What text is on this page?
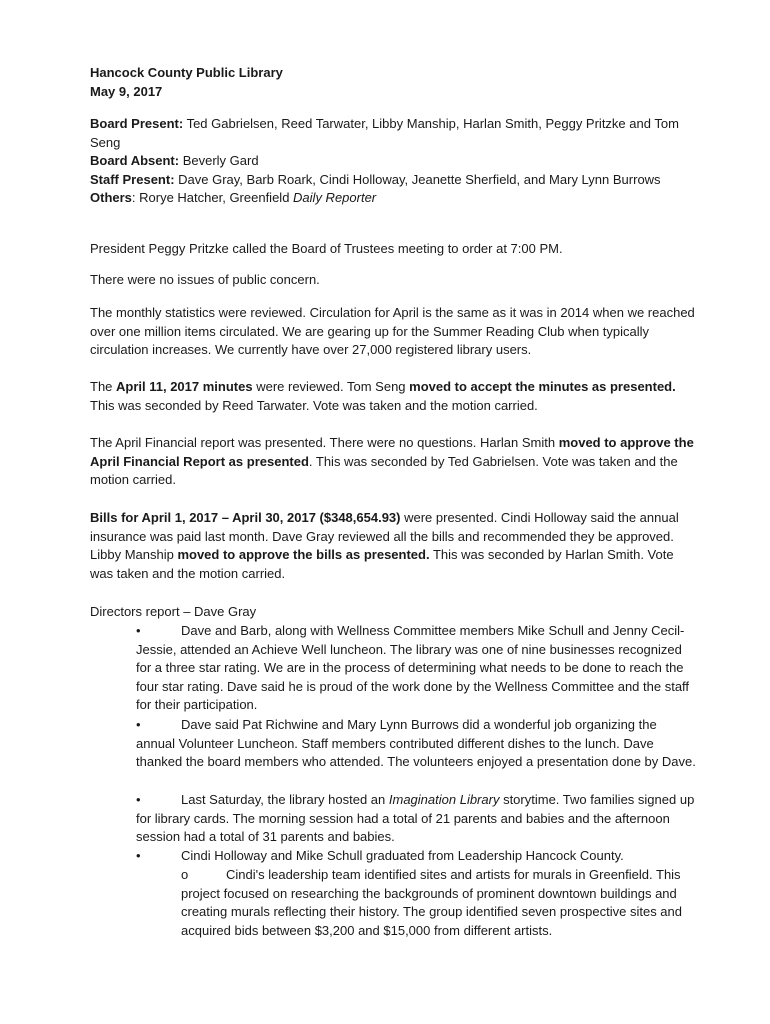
Hancock County Public Library

May 9, 2017

Board Present: Ted Gabrielsen, Reed Tarwater, Libby Manship, Harlan Smith, Peggy Pritzke and Tom Seng

Board Absent: Beverly Gard

Staff Present: Dave Gray, Barb Roark, Cindi Holloway, Jeanette Sherfield, and Mary Lynn Burrows

Others: Rorye Hatcher, Greenfield Daily Reporter

President Peggy Pritzke called the Board of Trustees meeting to order at 7:00 PM.

There were no issues of public concern.

The monthly statistics were reviewed. Circulation for April is the same as it was in 2014 when we reached over one million items circulated. We are gearing up for the Summer Reading Club when typically circulation increases. We currently have over 27,000 registered library users.

The April 11, 2017 minutes were reviewed. Tom Seng moved to accept the minutes as presented. This was seconded by Reed Tarwater. Vote was taken and the motion carried.

The April Financial report was presented. There were no questions. Harlan Smith moved to approve the April Financial Report as presented. This was seconded by Ted Gabrielsen. Vote was taken and the motion carried.

Bills for April 1, 2017 – April 30, 2017 ($348,654.93) were presented. Cindi Holloway said the annual insurance was paid last month. Dave Gray reviewed all the bills and recommended they be approved. Libby Manship moved to approve the bills as presented. This was seconded by Harlan Smith. Vote was taken and the motion carried.

Directors report – Dave Gray

•	Dave and Barb, along with Wellness Committee members Mike Schull and Jenny Cecil-Jessie, attended an Achieve Well luncheon. The library was one of nine businesses recognized for a three star rating. We are in the process of determining what needs to be done to reach the four star rating. Dave said he is proud of the work done by the Wellness Committee and the staff for their participation.

•	Dave said Pat Richwine and Mary Lynn Burrows did a wonderful job organizing the annual Volunteer Luncheon. Staff members contributed different dishes to the lunch. Dave thanked the board members who attended. The volunteers enjoyed a presentation done by Dave.

•	Last Saturday, the library hosted an Imagination Library storytime. Two families signed up for library cards. The morning session had a total of 21 parents and babies and the afternoon session had a total of 31 parents and babies.

•	Cindi Holloway and Mike Schull graduated from Leadership Hancock County.

o	Cindi's leadership team identified sites and artists for murals in Greenfield. This project focused on researching the backgrounds of prominent downtown buildings and creating murals reflecting their history. The group identified seven prospective sites and acquired bids between $3,200 and $15,000 from different artists.
